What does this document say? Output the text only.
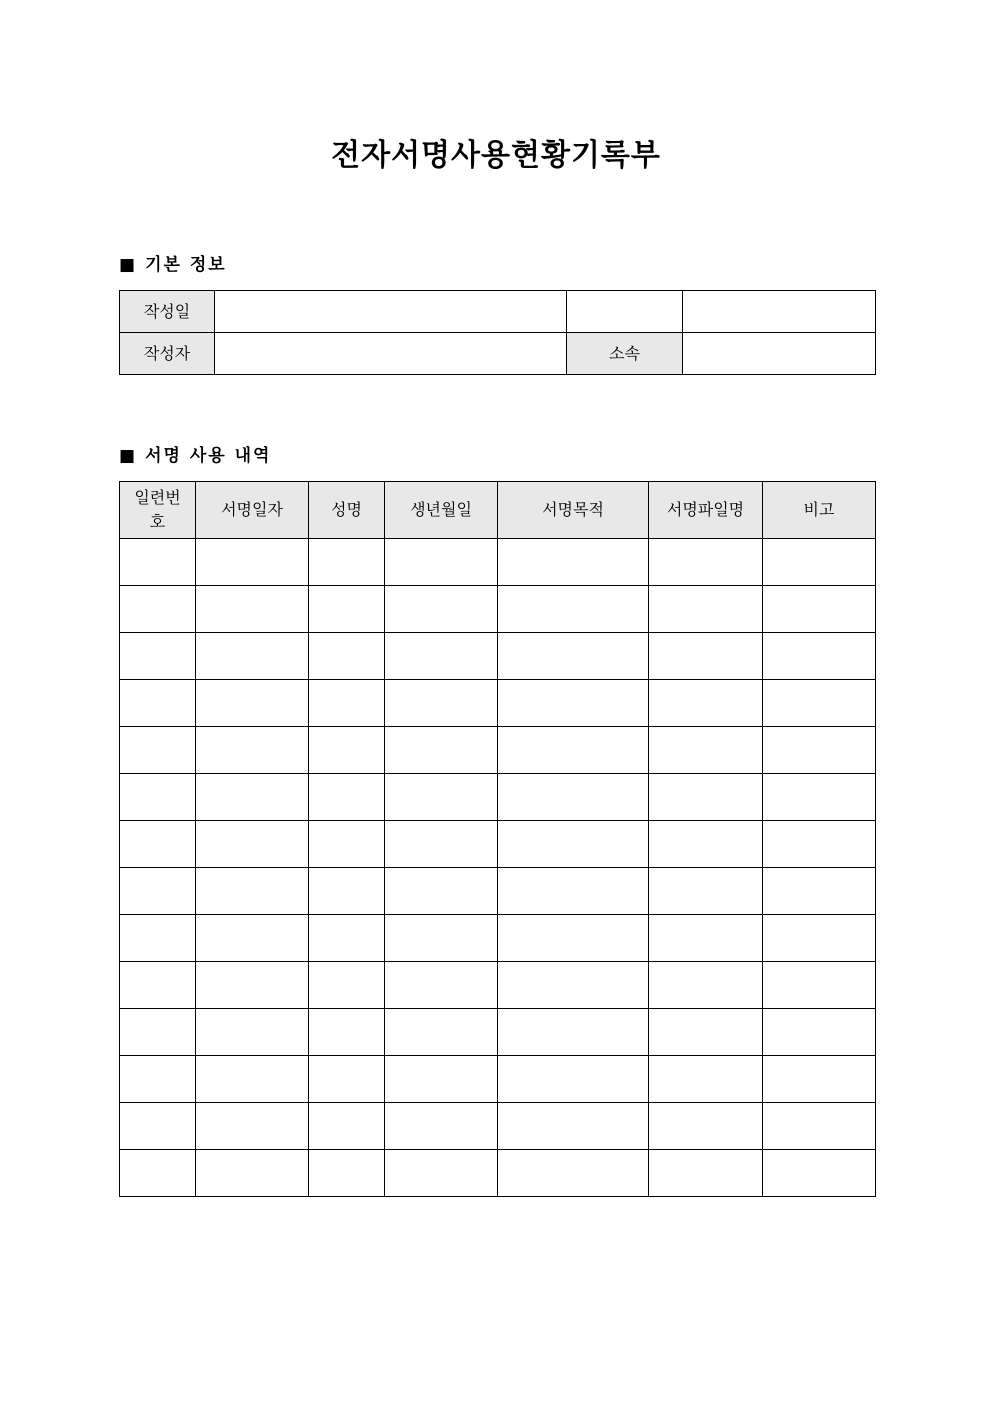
전자서명사용현황기록부
■ 기본 정보
작성일			
작성자		소속	
■ 서명 사용 내역
일련번호	서명일자	성명	생년월일	서명목적	서명파일명	비고
